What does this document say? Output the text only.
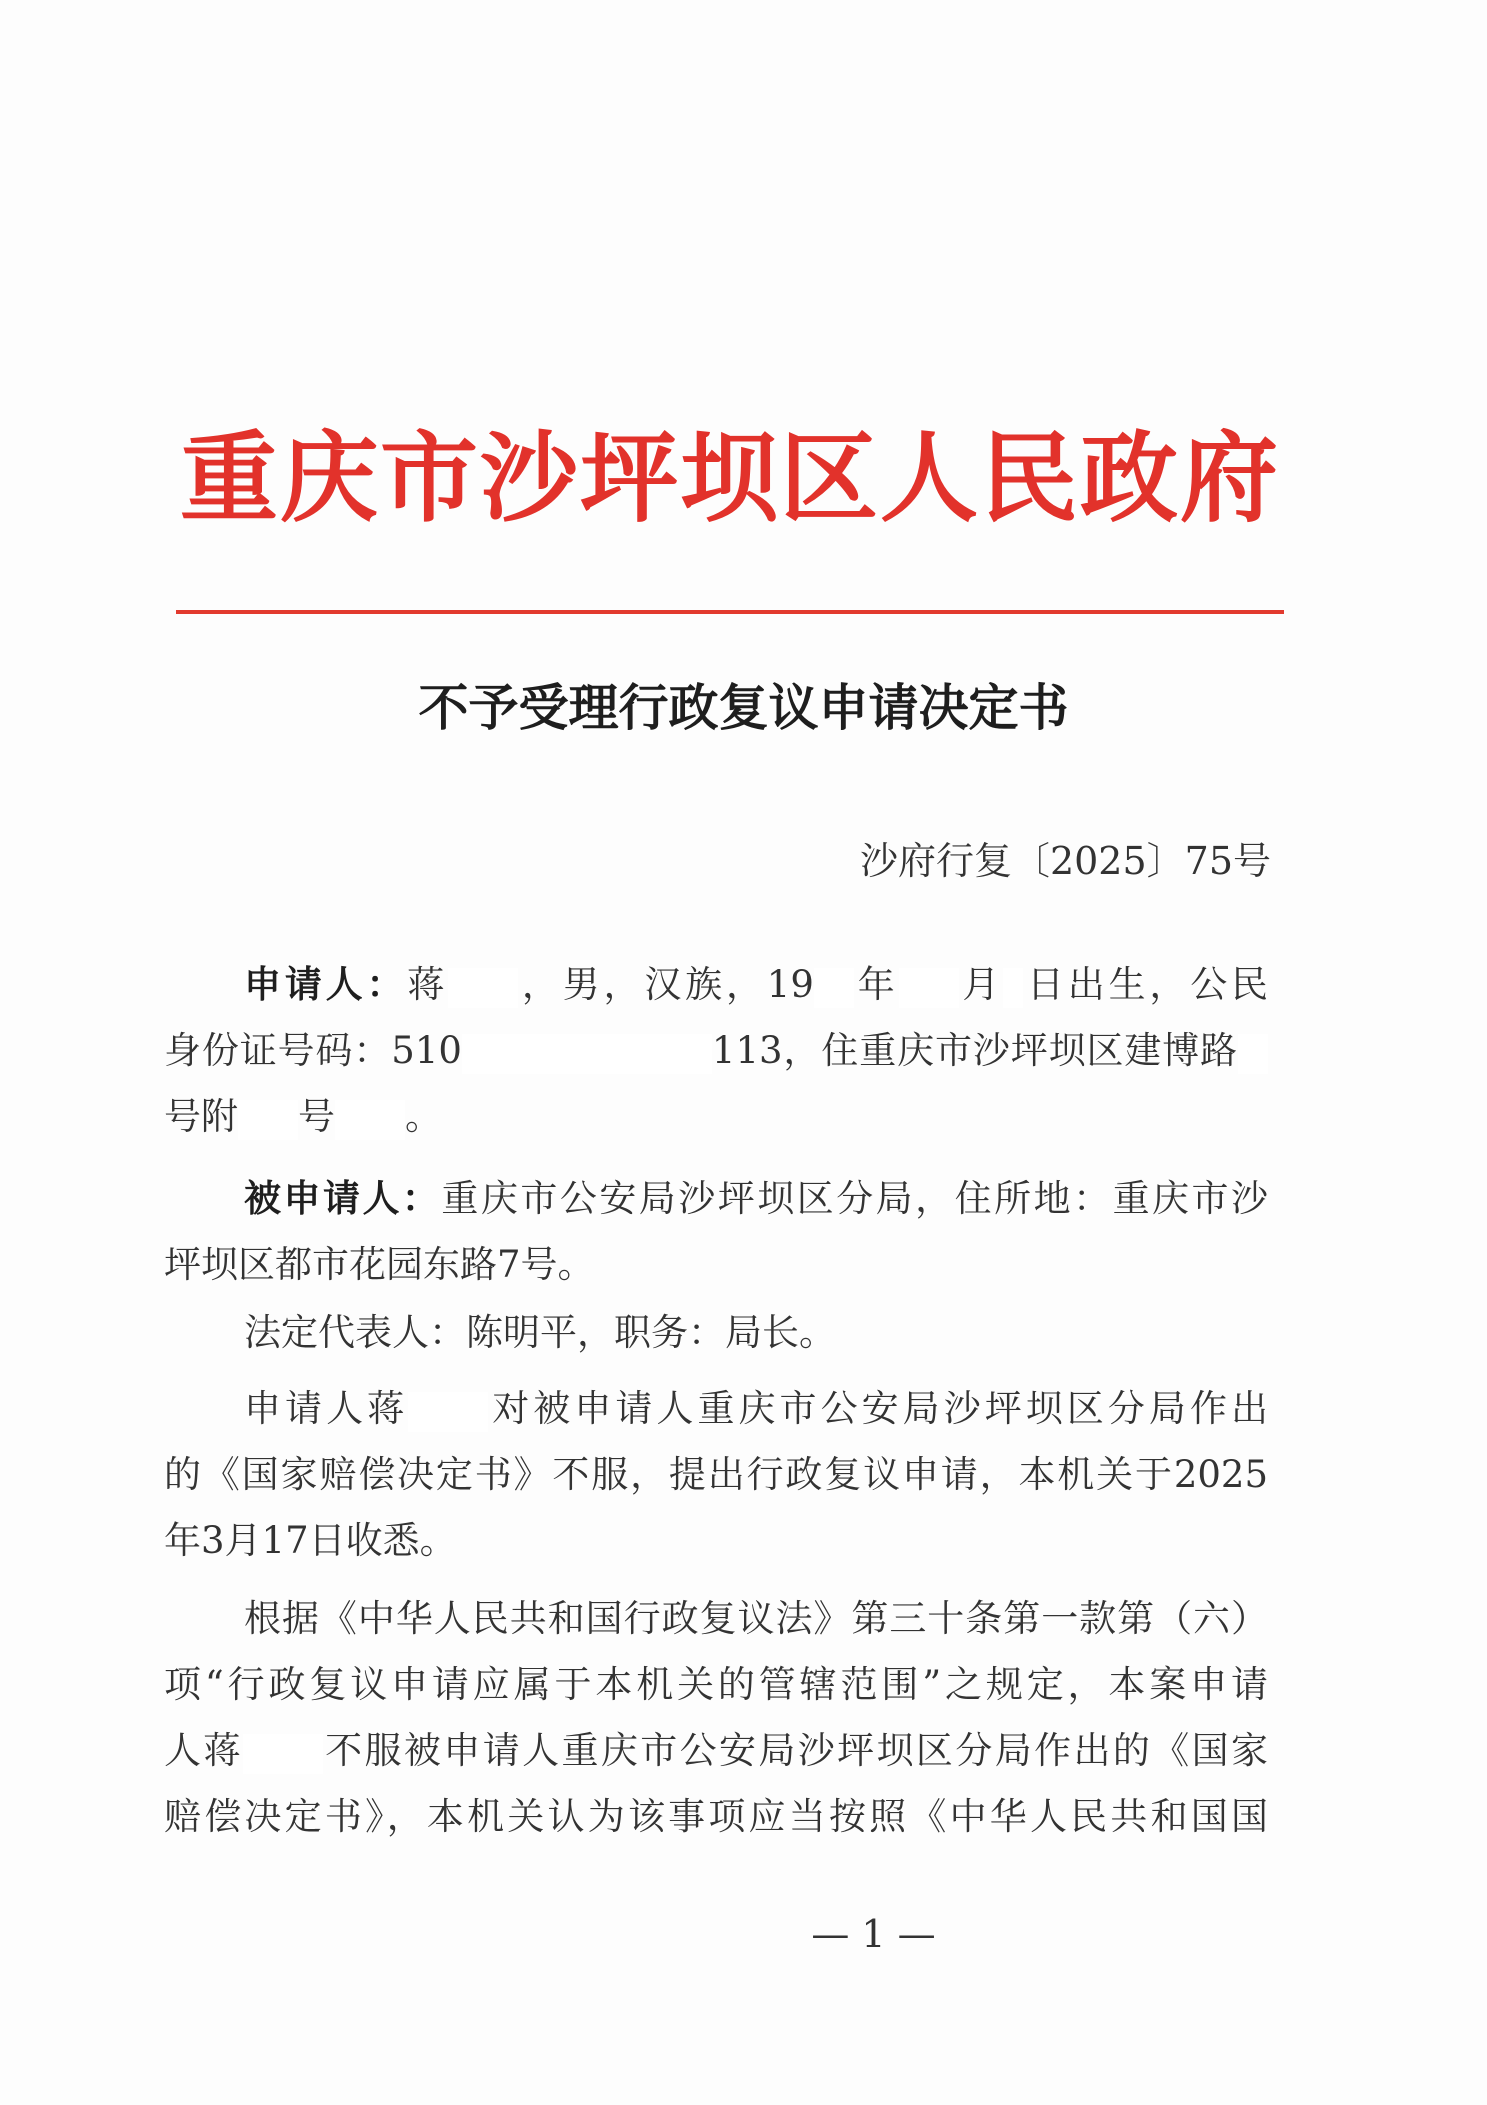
重庆市沙坪坝区人民政府
不予受理行政复议申请决定书
沙府行复〔2025〕75号
申请人：蒋 ，男，汉族，19 年 月 日出生，公民
身份证号码：510	113，住重庆市沙坪坝区建博路
号附 号 。
被申请人：重庆市公安局沙坪坝区分局，住所地：重庆市沙
坪坝区都市花园东路7号。
法定代表人：陈明平，职务：局长。
申请人蒋 对被申请人重庆市公安局沙坪坝区分局作出
的《国家赔偿决定书》不服，提出行政复议申请，本机关于2025
年3月17日收悉。
根据《中华人民共和国行政复议法》第三十条第一款第（六）
项“行政复议申请应属于本机关的管辖范围”之规定，本案申请
人蒋 不服被申请人重庆市公安局沙坪坝区分局作出的《国家
赔偿决定书》，本机关认为该事项应当按照《中华人民共和国国
— 1 —
